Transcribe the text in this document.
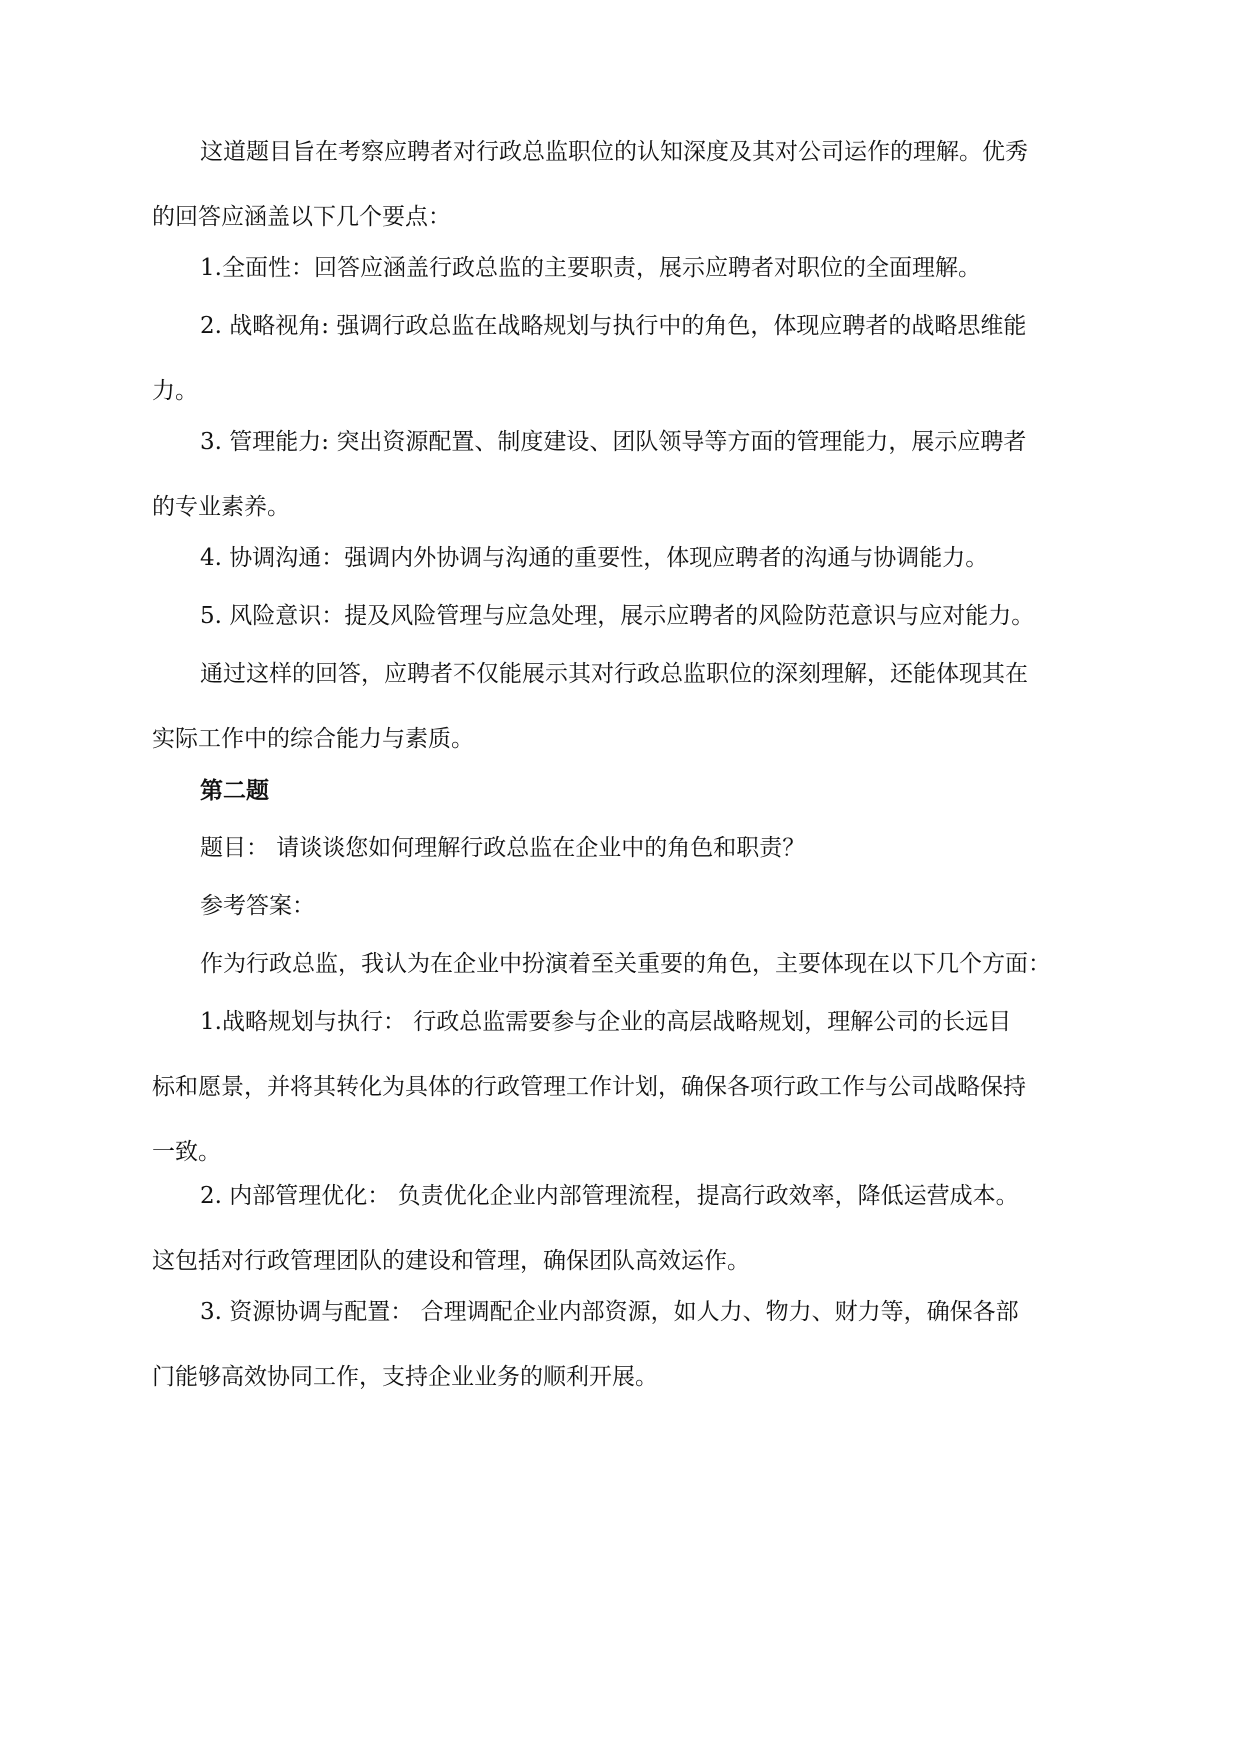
这道题目旨在考察应聘者对行政总监职位的认知深度及其对公司运作的理解。优秀
的回答应涵盖以下几个要点：

1.全面性：回答应涵盖行政总监的主要职责，展示应聘者对职位的全面理解。

2. 战略视角: 强调行政总监在战略规划与执行中的角色，体现应聘者的战略思维能
力。

3. 管理能力: 突出资源配置、制度建设、团队领导等方面的管理能力，展示应聘者
的专业素养。

4. 协调沟通：强调内外协调与沟通的重要性，体现应聘者的沟通与协调能力。

5. 风险意识：提及风险管理与应急处理，展示应聘者的风险防范意识与应对能力。

通过这样的回答，应聘者不仅能展示其对行政总监职位的深刻理解，还能体现其在
实际工作中的综合能力与素质。

第二题

题目： 请谈谈您如何理解行政总监在企业中的角色和职责？

参考答案：

作为行政总监，我认为在企业中扮演着至关重要的角色，主要体现在以下几个方面：

1.战略规划与执行： 行政总监需要参与企业的高层战略规划，理解公司的长远目
标和愿景，并将其转化为具体的行政管理工作计划，确保各项行政工作与公司战略保持
一致。

2. 内部管理优化： 负责优化企业内部管理流程，提高行政效率，降低运营成本。
这包括对行政管理团队的建设和管理，确保团队高效运作。

3. 资源协调与配置： 合理调配企业内部资源，如人力、物力、财力等，确保各部
门能够高效协同工作，支持企业业务的顺利开展。
